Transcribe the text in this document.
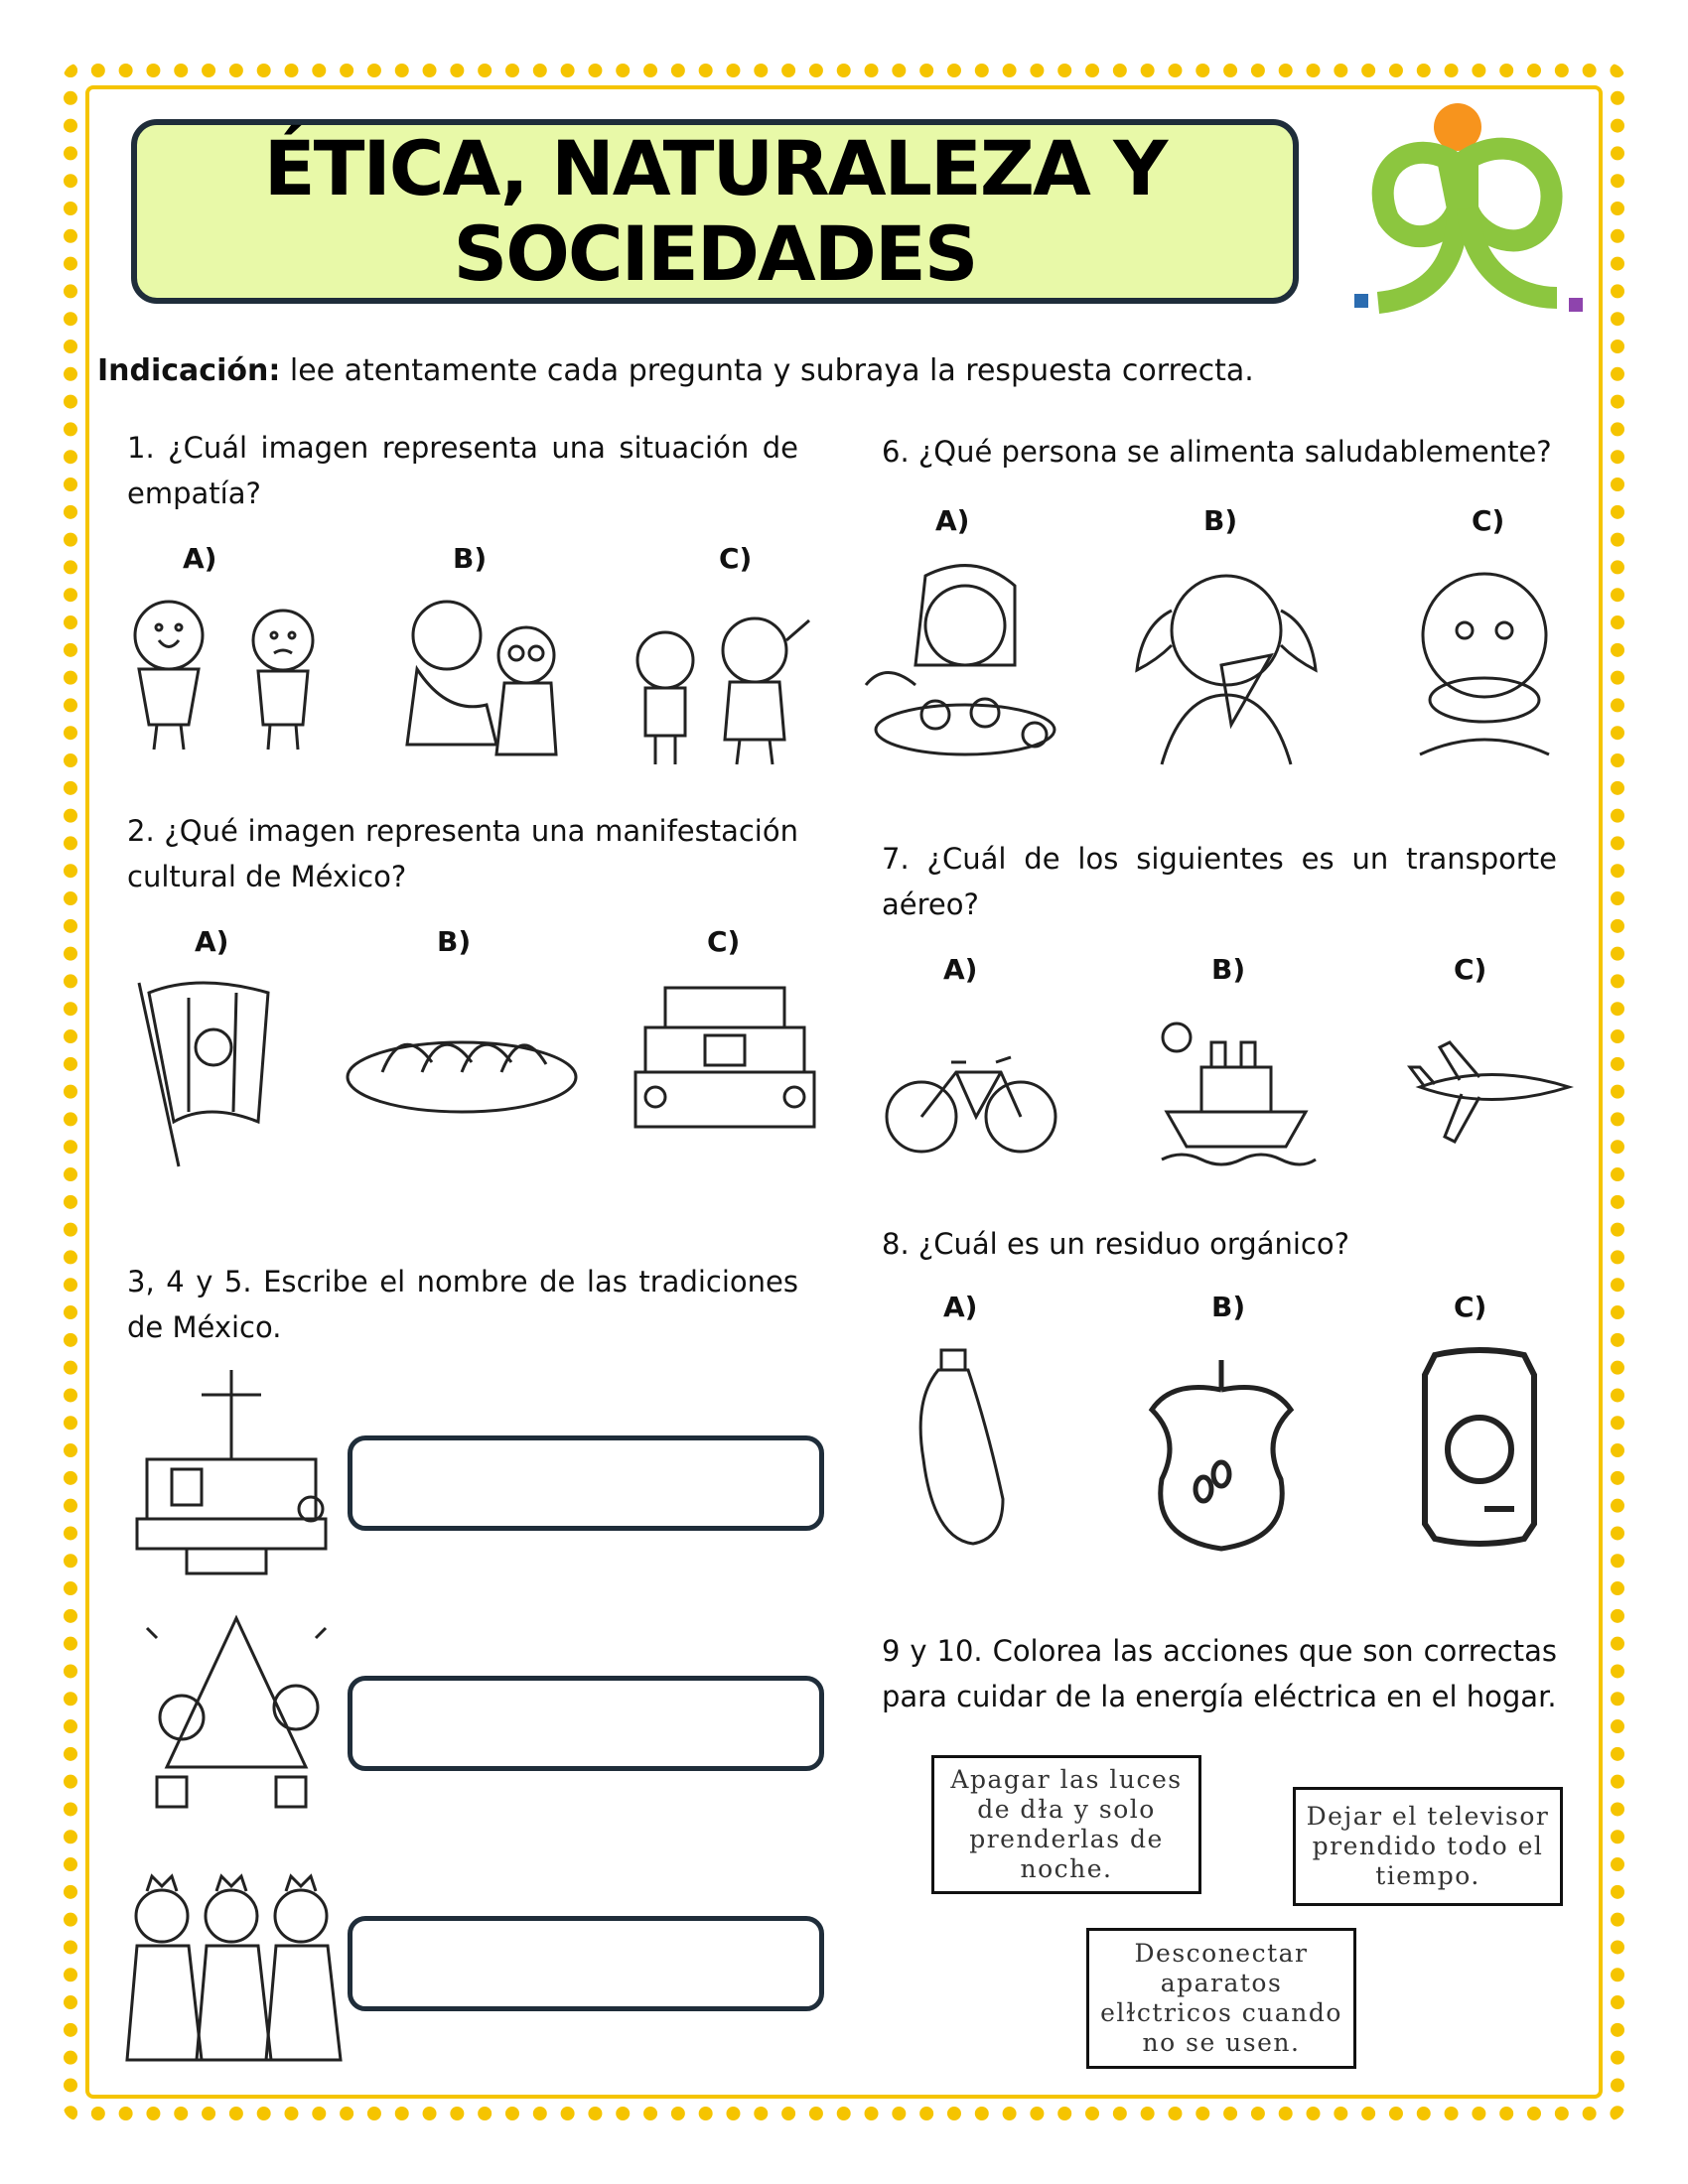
ÉTICA, NATURALEZA Y
SOCIEDADES
Indicación: lee atentamente cada pregunta y subraya la respuesta correcta.
1. ¿Cuál imagen representa una situación de empatía?
A)	B)	C)
2. ¿Qué imagen representa una manifestación cultural de México?
A)	B)	C)
3, 4 y 5. Escribe el nombre de las tradiciones de México.
6. ¿Qué persona se alimenta saludablemente?
A)	B)	C)
7. ¿Cuál de los siguientes es un transporte aéreo?
A)	B)	C)
8. ¿Cuál es un residuo orgánico?
A)	B)	C)
9 y 10. Colorea las acciones que son correctas para cuidar de la energía eléctrica en el hogar.
Apagar las luces de dɫa y solo prenderlas de noche.
Dejar el televisor prendido todo el tiempo.
Desconectar aparatos elɫctricos cuando no se usen.
